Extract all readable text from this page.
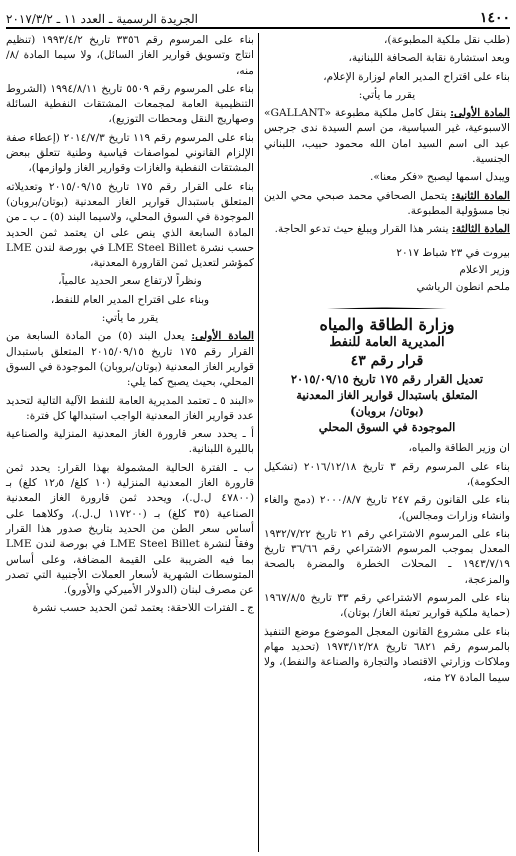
١٤٠٠
الجريدة الرسمية ـ العدد ١١ ـ ٢٠١٧/٣/٢

(طلب نقل ملكية المطبوعة)،

وبعد استشارة نقابة الصحافة اللبنانية،

بناء على اقتراح المدير العام لوزارة الإعلام،

يقرر ما يأتي:

المادة الأولى: ينقل كامل ملكية مطبوعة «GALLANT» الاسبوعية، غير السياسية، من اسم السيدة ندى جرجس عيد الى اسم السيد امان الله محمود حبيب، اللبناني الجنسية.

ويبدل اسمها ليصبح «فكر معنا».

المادة الثانية: يتحمل الصحافي محمد صبحي محي الدين نجا مسؤولية المطبوعة.

المادة الثالثة: ينشر هذا القرار ويبلغ حيث تدعو الحاجة.

بيروت في ٢٣ شباط ٢٠١٧

وزير الاعلام

ملحم انطون الرياشي

وزارة الطاقة والمياه
المديرية العامة للنفط
قرار رقم ٤٣
تعديل القرار رقم ١٧٥ تاريخ ٢٠١٥/٠٩/١٥
المتعلق باستبدال قوارير الغاز المعدنية
(بوتان/ بروبان)
الموجودة في السوق المحلي

ان وزير الطاقة والمياه،

بناء على المرسوم رقم ٣ تاريخ ٢٠١٦/١٢/١٨ (تشكيل الحكومة)،

بناء على القانون رقم ٢٤٧ تاريخ ٢٠٠٠/٨/٧ (دمج والغاء وانشاء وزارات ومجالس)،

بناء على المرسوم الاشتراعي رقم ٢١ تاريخ ١٩٣٢/٧/٢٢ المعدل بموجب المرسوم الاشتراعي رقم ٣٦/٦٦ تاريخ ١٩٤٣/٧/١٩ ـ المحلات الخطرة والمضرة بالصحة والمزعجة،

بناء على المرسوم الاشتراعي رقم ٣٣ تاريخ ١٩٦٧/٨/٥ (حماية ملكية قوارير تعبئة الغاز/ بوتان)،

بناء على مشروع القانون المعجل الموضوع موضع التنفيذ بالمرسوم رقم ٦٨٢١ تاريخ ١٩٧٣/١٢/٢٨ (تحديد مهام وملاكات وزارتي الاقتصاد والتجارة والصناعة والنفط)، ولا سيما المادة ٢٧ منه،

بناء على المرسوم رقم ٣٣٥٦ تاريخ ١٩٩٣/٤/٢ (تنظيم انتاج وتسويق قوارير الغاز السائل)، ولا سيما المادة /٨/ منه،

بناء على المرسوم رقم ٥٥٠٩ تاريخ ١٩٩٤/٨/١١ (الشروط التنظيمية العامة لمجمعات المشتقات النفطية السائلة وصهاريج النقل ومحطات التوزيع)،

بناء على المرسوم رقم ١١٩ تاريخ ٢٠١٤/٧/٣ (إعطاء صفة الإلزام القانوني لمواصفات قياسية وطنية تتعلق ببعض المشتقات النفطية والغازات وقوارير الغاز ولوازمها)،

بناء على القرار رقم ١٧٥ تاريخ ٢٠١٥/٠٩/١٥ وتعديلاته المتعلق باستبدال قوارير الغاز المعدنية (بوتان/بروبان) الموجودة في السوق المحلي، ولاسيما البند (٥) ـ ب ـ من المادة السابعة الذي ينص على ان يعتمد ثمن الحديد حسب نشرة LME Steel Billet في بورصة لندن LME كمؤشر لتعديل ثمن القارورة المعدنية،

ونظراً لارتفاع سعر الحديد عالمياً،

وبناء على اقتراح المدير العام للنفط،

يقرر ما يأتي:

المادة الأولى: يعدل البند (٥) من المادة السابعة من القرار رقم ١٧٥ تاريخ ٢٠١٥/٠٩/١٥ المتعلق باستبدال قوارير الغاز المعدنية (بوتان/بروبان) الموجودة في السوق المحلي، بحيث يصبح كما يلي:

«البند ٥ ـ تعتمد المديرية العامة للنفط الآلية التالية لتحديد عدد قوارير الغاز المعدنية الواجب استبدالها كل فترة:

أ ـ يحدد سعر قارورة الغاز المعدنية المنزلية والصناعية بالليرة اللبنانية.

ب ـ الفترة الحالية المشمولة بهذا القرار: يحدد ثمن قارورة الغاز المعدنية المنزلية (١٠ كلغ/ ١٢٫٥ كلغ) بـ (٤٧٨٠٠ ل.ل.)، ويحدد ثمن قارورة الغاز المعدنية الصناعية (٣٥ كلغ) بـ (١١٧٢٠٠ ل.ل.)، وكلاهما على أساس سعر الطن من الحديد بتاريخ صدور هذا القرار وفقاً لنشرة LME Steel Billet في بورصة لندن LME بما فيه الضريبة على القيمة المضافة، وعلى أساس المتوسطات الشهرية لأسعار العملات الأجنبية التي تصدر عن مصرف لبنان (الدولار الأميركي والأورو).

ج ـ الفترات اللاحقة: يعتمد ثمن الحديد حسب نشرة
